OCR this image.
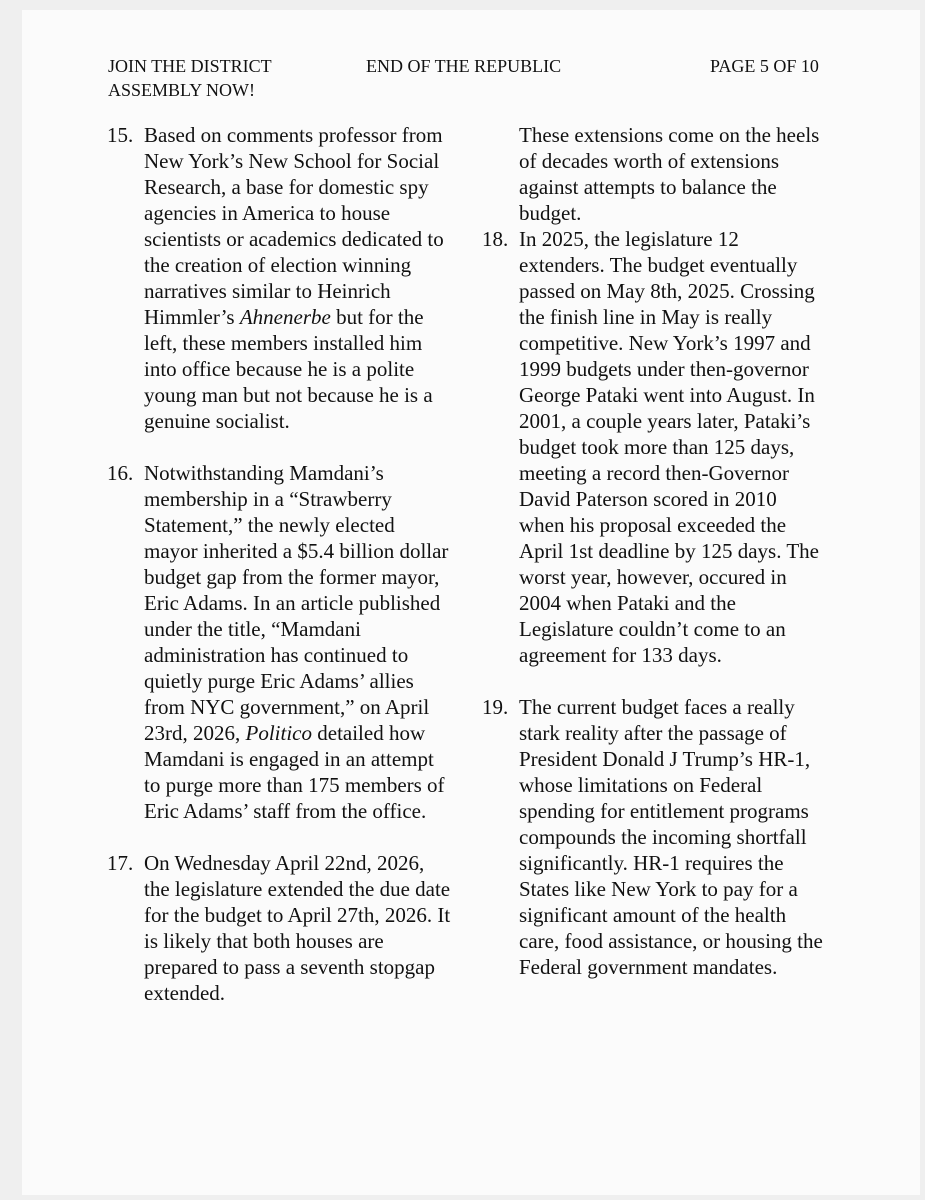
JOIN THE DISTRICT
ASSEMBLY NOW!
END OF THE REPUBLIC	PAGE 5 OF 10
15. Based on comments professor from New York’s New School for Social Research, a base for domestic spy agencies in America to house scientists or academics dedicated to the creation of election winning narratives similar to Heinrich Himmler’s Ahnenerbe but for the left, these members installed him into office because he is a polite young man but not because he is a genuine socialist.
16. Notwithstanding Mamdani’s membership in a “Strawberry Statement,” the newly elected mayor inherited a $5.4 billion dollar budget gap from the former mayor, Eric Adams. In an article published under the title, “Mamdani administration has continued to quietly purge Eric Adams’ allies from NYC government,” on April 23rd, 2026, Politico detailed how Mamdani is engaged in an attempt to purge more than 175 members of Eric Adams’ staff from the office.
17. On Wednesday April 22nd, 2026, the legislature extended the due date for the budget to April 27th, 2026. It is likely that both houses are prepared to pass a seventh stopgap extended.

These extensions come on the heels of decades worth of extensions against attempts to balance the budget.

18. In 2025, the legislature 12 extenders. The budget eventually passed on May 8th, 2025. Crossing the finish line in May is really competitive. New York’s 1997 and 1999 budgets under then-governor George Pataki went into August. In 2001, a couple years later, Pataki’s budget took more than 125 days, meeting a record then-Governor David Paterson scored in 2010 when his proposal exceeded the April 1st deadline by 125 days. The worst year, however, occured in 2004 when Pataki and the Legislature couldn’t come to an agreement for 133 days.
19. The current budget faces a really stark reality after the passage of President Donald J Trump’s HR-1, whose limitations on Federal spending for entitlement programs compounds the incoming shortfall significantly. HR-1 requires the States like New York to pay for a significant amount of the health care, food assistance, or housing the Federal government mandates.
